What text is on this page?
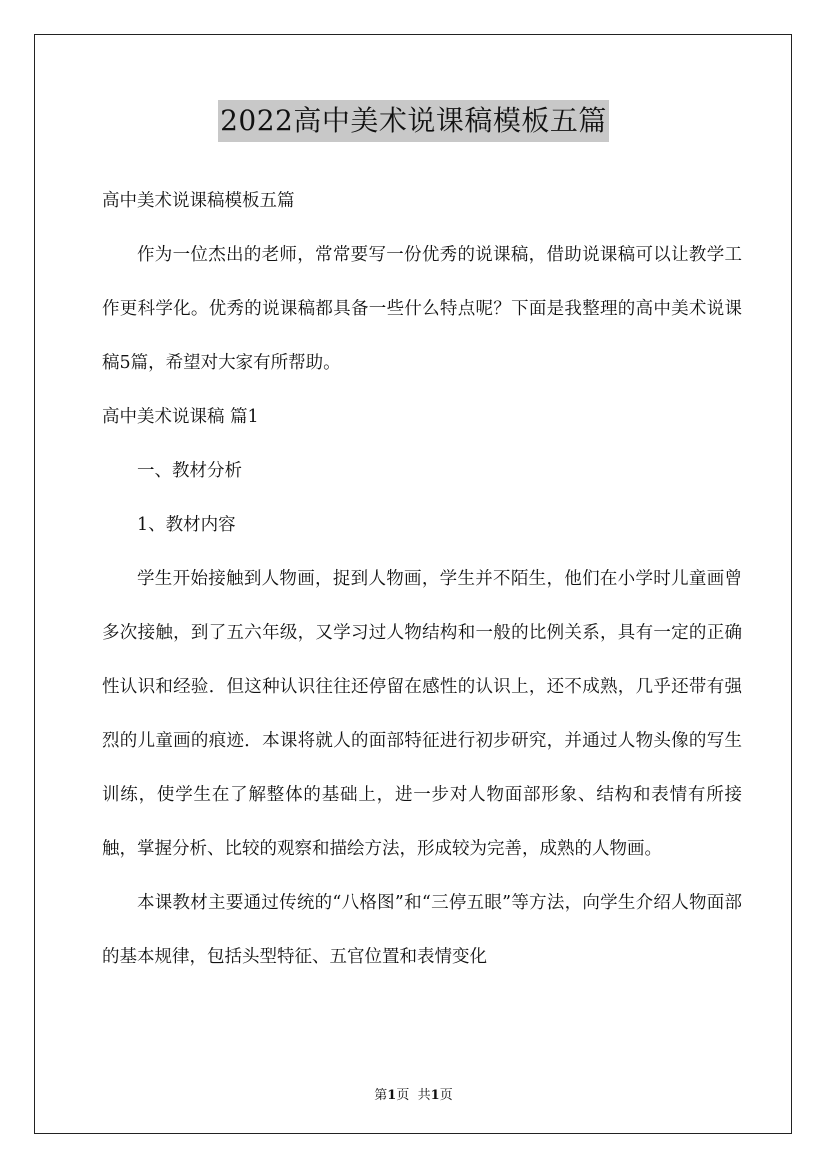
2022高中美术说课稿模板五篇

高中美术说课稿模板五篇

作为一位杰出的老师，常常要写一份优秀的说课稿，借助说课稿可以让教学工作更科学化。优秀的说课稿都具备一些什么特点呢？下面是我整理的高中美术说课稿5篇，希望对大家有所帮助。

高中美术说课稿 篇1

一、教材分析

1、教材内容

学生开始接触到人物画，捉到人物画，学生并不陌生，他们在小学时儿童画曾多次接触，到了五六年级，又学习过人物结构和一般的比例关系，具有一定的正确性认识和经验．但这种认识往往还停留在感性的认识上，还不成熟，几乎还带有强烈的儿童画的痕迹．本课将就人的面部特征进行初步研究，并通过人物头像的写生训练，使学生在了解整体的基础上，进一步对人物面部形象、结构和表情有所接触，掌握分析、比较的观察和描绘方法，形成较为完善，成熟的人物画。

本课教材主要通过传统的“八格图”和“三停五眼”等方法，向学生介绍人物面部的基本规律，包括头型特征、五官位置和表情变化

第1页 共1页
